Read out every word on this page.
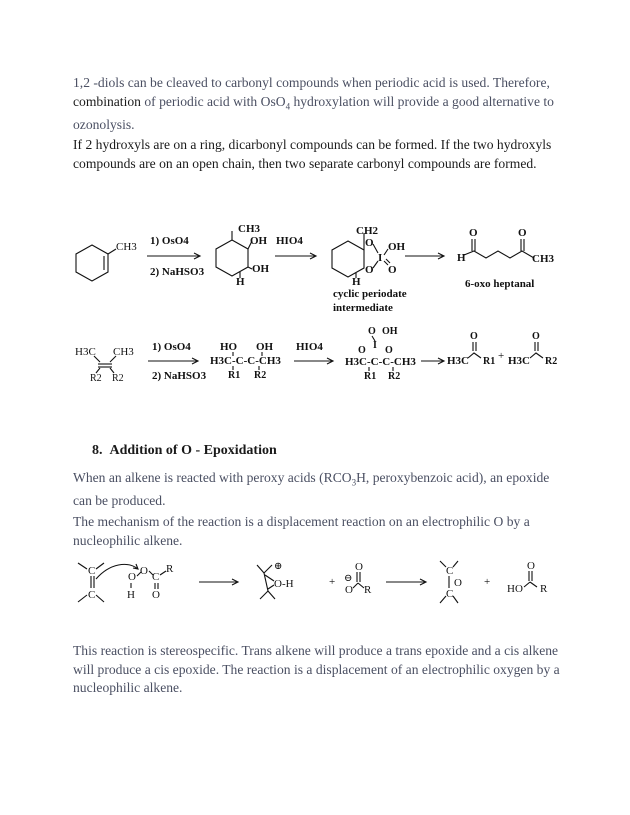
1,2 -diols can be cleaved to carbonyl compounds when periodic acid is used. Therefore, combination of periodic acid with OsO$_4$ hydroxylation will provide a good alternative to ozonolysis.

If 2 hydroxyls are on a ring, dicarbonyl compounds can be formed. If the two hydroxyls compounds are on an open chain, then two separate carbonyl compounds are formed.

CH3 1) OsO4
2) NaHSO3
CH3
OH
OH
H
HIO4
CH2
O
O
I
OH
O
H
cyclic periodate
intermediate
O
H
O
CH3
6-oxo heptanal
H3C CH3
R2 R2
1) OsO4
2) NaHSO3
HO OH
H3C-C-C-CH3
R1 R2
HIO4
O OH
I
O O
H3C-C-C-CH3
R1 R2
O
H3C R1 +
O
H3C R2

8. Addition of O - Epoxidation

When an alkene is reacted with peroxy acids ($RCO_3H$, peroxybenzoic acid), an epoxide can be produced.

The mechanism of the reaction is a displacement reaction on an electrophilic O by a nucleophilic alkene.

C
C
O O C
R
H O
⊕
O-H	+ ⊖
O
O
R
C
C
O +
HO
O
R

This reaction is stereospecific. Trans alkene will produce a trans epoxide and a cis alkene will produce a cis epoxide. The reaction is a displacement of an electrophilic oxygen by a nucleophilic alkene.
